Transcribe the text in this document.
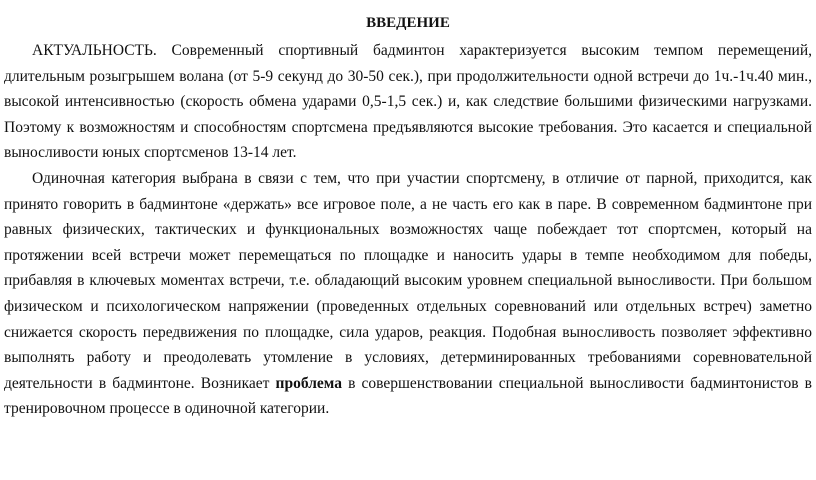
ВВЕДЕНИЕ

АКТУАЛЬНОСТЬ. Современный спортивный бадминтон характеризуется высоким темпом перемещений, длительным розыгрышем волана (от 5-9 секунд до 30-50 сек.), при продолжительности одной встречи до 1ч.-1ч.40 мин., высокой интенсивностью (скорость обмена ударами 0,5-1,5 сек.) и, как следствие большими физическими нагрузками. Поэтому к возможностям и способностям спортсмена предъявляются высокие требования. Это касается и специальной выносливости юных спортсменов 13-14 лет.

Одиночная категория выбрана в связи с тем, что при участии спортсмену, в отличие от парной, приходится, как принято говорить в бадминтоне «держать» все игровое поле, а не часть его как в паре. В современном бадминтоне при равных физических, тактических и функциональных возможностях чаще побеждает тот спортсмен, который на протяжении всей встречи может перемещаться по площадке и наносить удары в темпе необходимом для победы, прибавляя в ключевых моментах встречи, т.е. обладающий высоким уровнем специальной выносливости. При большом физическом и психологическом напряжении (проведенных отдельных соревнований или отдельных встреч) заметно снижается скорость передвижения по площадке, сила ударов, реакция. Подобная выносливость позволяет эффективно выполнять работу и преодолевать утомление в условиях, детерминированных требованиями соревновательной деятельности в бадминтоне. Возникает проблема в совершенствовании специальной выносливости бадминтонистов в тренировочном процессе в одиночной категории.
